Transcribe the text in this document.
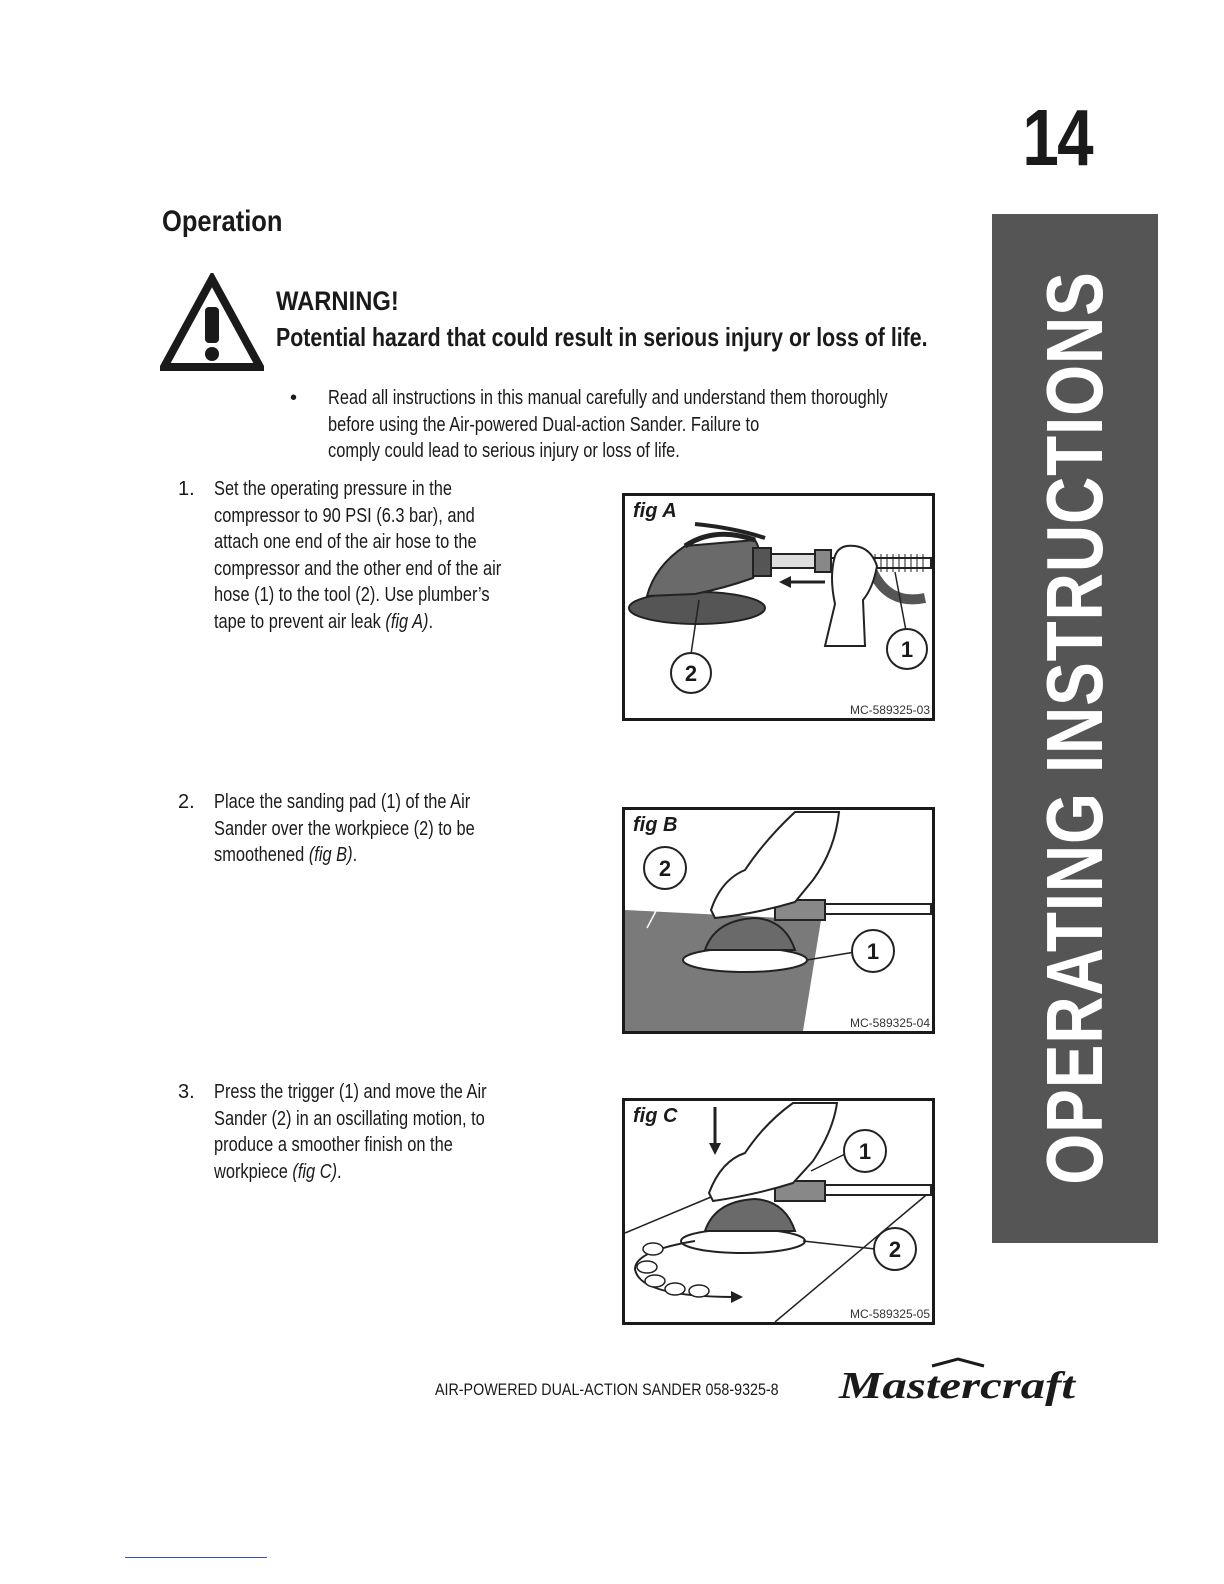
14
Operation
OPERATING INSTRUCTIONS
WARNING!
Potential hazard that could result in serious injury or loss of life.
• Read all instructions in this manual carefully and understand them thoroughly
before using the Air-powered Dual-action Sander. Failure to
comply could lead to serious injury or loss of life.
1. Set the operating pressure in the
compressor to 90 PSI (6.3 bar), and
attach one end of the air hose to the
compressor and the other end of the air
hose (1) to the tool (2). Use plumber’s
tape to prevent air leak (fig A).
2. Place the sanding pad (1) of the Air
Sander over the workpiece (2) to be
smoothened (fig B).
3. Press the trigger (1) and move the Air
Sander (2) in an oscillating motion, to
produce a smoother finish on the
workpiece (fig C).
1
2
fig A
MC-589325-03
2
1
fig B
MC-589325-04
1
2
fig C
MC-589325-05
AIR-POWERED DUAL-ACTION SANDER 058-9325-8 Mastercraft
